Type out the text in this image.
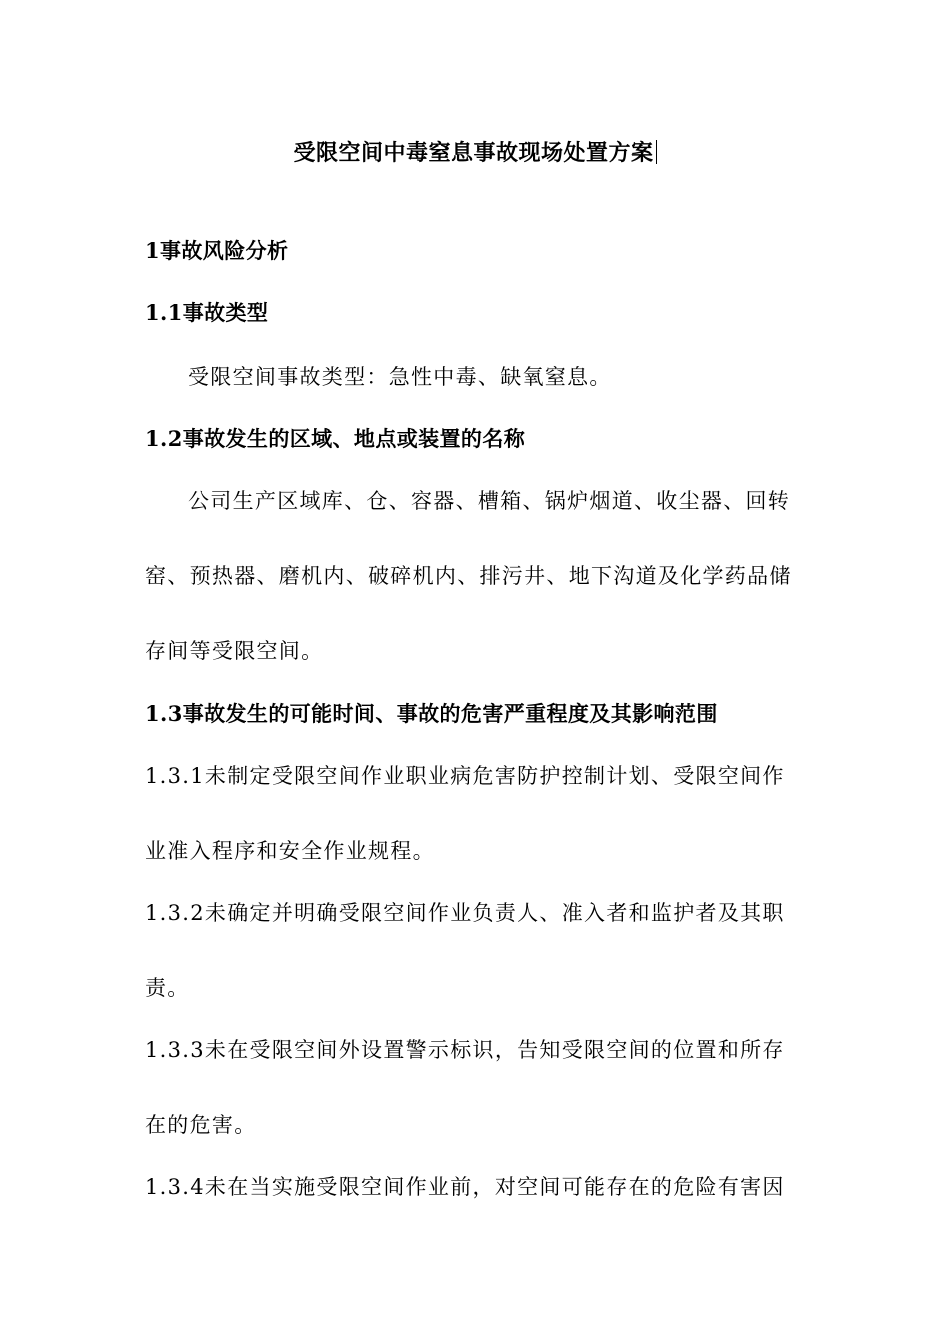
受限空间中毒窒息事故现场处置方案
1事故风险分析
1.1事故类型
受限空间事故类型：急性中毒、缺氧窒息。
1.2事故发生的区域、地点或装置的名称
公司生产区域库、仓、容器、槽箱、锅炉烟道、收尘器、回转
窑、预热器、磨机内、破碎机内、排污井、地下沟道及化学药品储
存间等受限空间。
1.3事故发生的可能时间、事故的危害严重程度及其影响范围
1.3.1未制定受限空间作业职业病危害防护控制计划、受限空间作
业准入程序和安全作业规程。
1.3.2未确定并明确受限空间作业负责人、准入者和监护者及其职
责。
1.3.3未在受限空间外设置警示标识，告知受限空间的位置和所存
在的危害。
1.3.4未在当实施受限空间作业前，对空间可能存在的危险有害因
